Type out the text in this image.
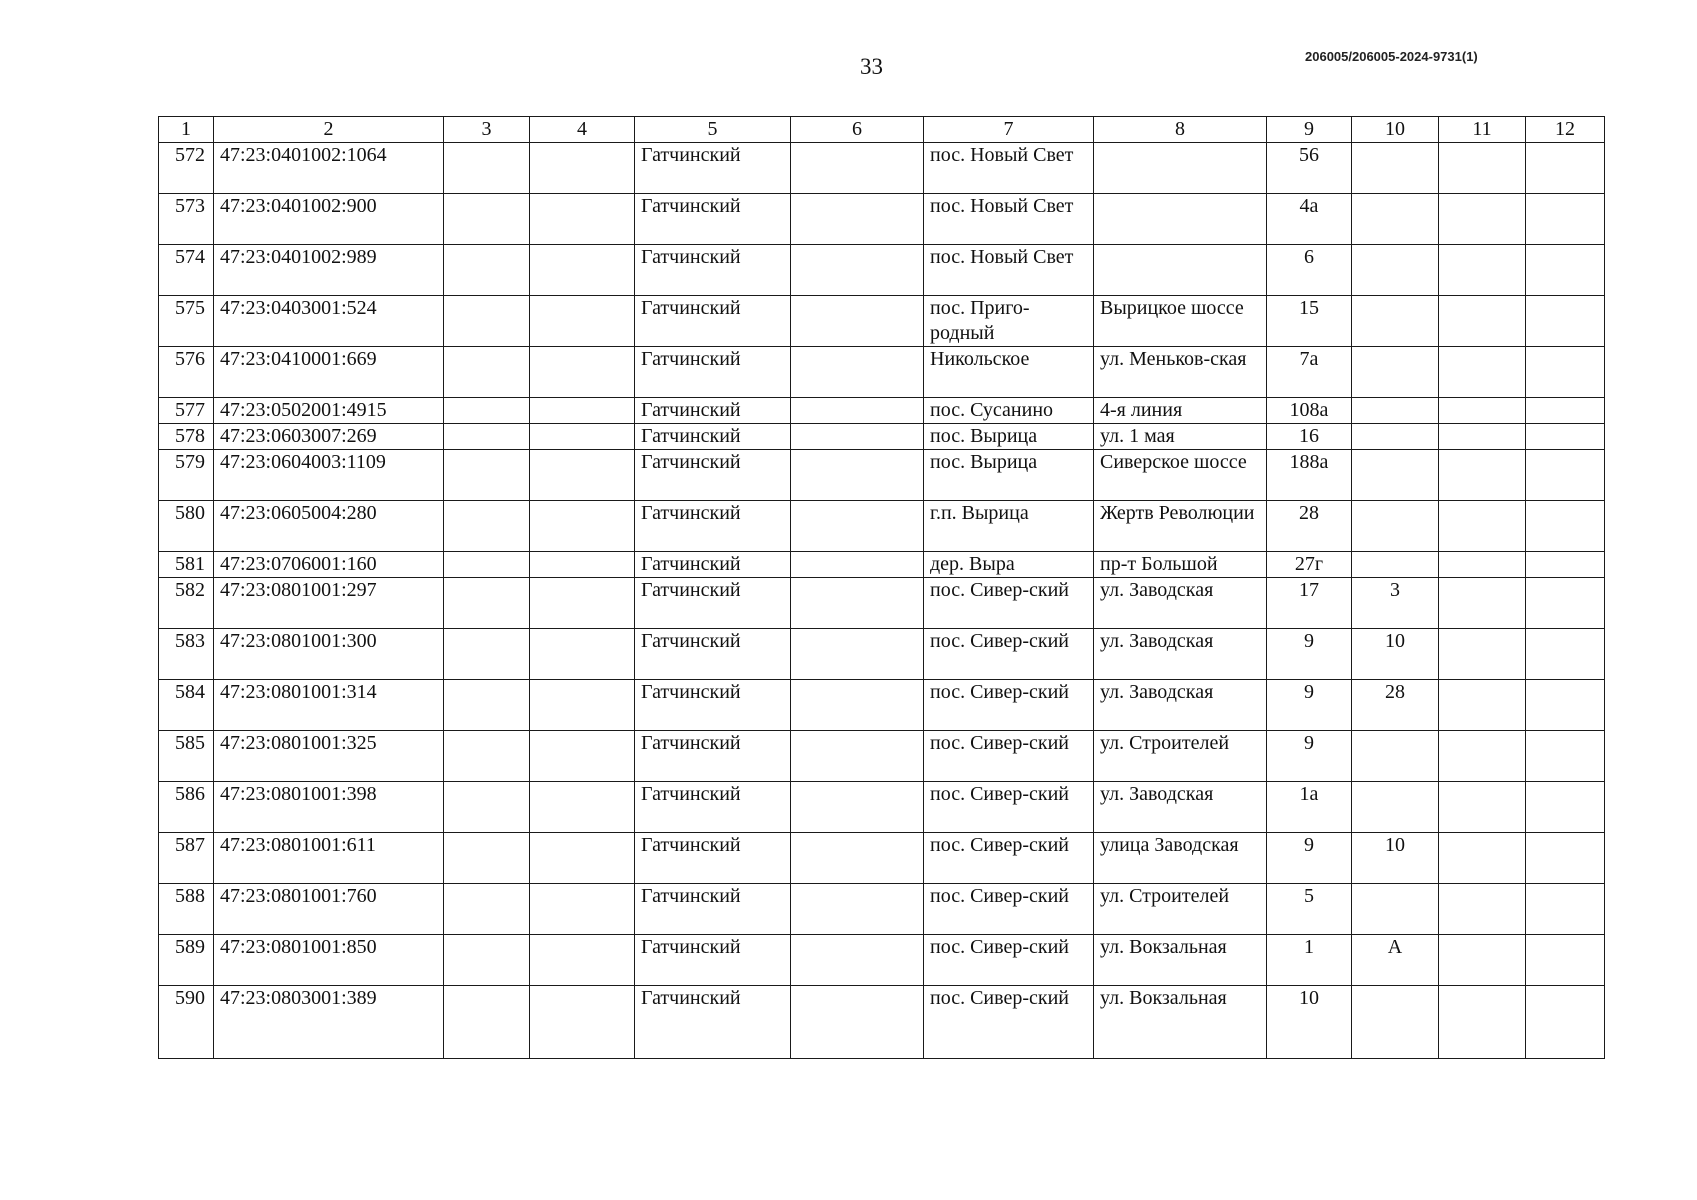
33	206005/206005-2024-9731(1)
1	2	3	4	5	6	7	8	9	10	11	12
572	47:23:0401002:1064			Гатчинский		пос. Новый Свет		56			
573	47:23:0401002:900			Гатчинский		пос. Новый Свет		4а			
574	47:23:0401002:989			Гатчинский		пос. Новый Свет		6			
575	47:23:0403001:524			Гатчинский		пос. Приго-родный	Вырицкое шоссе	15			
576	47:23:0410001:669			Гатчинский		Никольское	ул. Меньков-ская	7а			
577	47:23:0502001:4915			Гатчинский		пос. Сусанино	4-я линия	108а			
578	47:23:0603007:269			Гатчинский		пос. Вырица	ул. 1 мая	16			
579	47:23:0604003:1109			Гатчинский		пос. Вырица	Сиверское шоссе	188а			
580	47:23:0605004:280			Гатчинский		г.п. Вырица	Жертв Революции	28			
581	47:23:0706001:160			Гатчинский		дер. Выра	пр-т Большой	27г			
582	47:23:0801001:297			Гатчинский		пос. Сивер-ский	ул. Заводская	17	3		
583	47:23:0801001:300			Гатчинский		пос. Сивер-ский	ул. Заводская	9	10		
584	47:23:0801001:314			Гатчинский		пос. Сивер-ский	ул. Заводская	9	28		
585	47:23:0801001:325			Гатчинский		пос. Сивер-ский	ул. Строителей	9			
586	47:23:0801001:398			Гатчинский		пос. Сивер-ский	ул. Заводская	1а			
587	47:23:0801001:611			Гатчинский		пос. Сивер-ский	улица Заводская	9	10		
588	47:23:0801001:760			Гатчинский		пос. Сивер-ский	ул. Строителей	5			
589	47:23:0801001:850			Гатчинский		пос. Сивер-ский	ул. Вокзальная	1	А		
590	47:23:0803001:389			Гатчинский		пос. Сивер-ский	ул. Вокзальная	10			
